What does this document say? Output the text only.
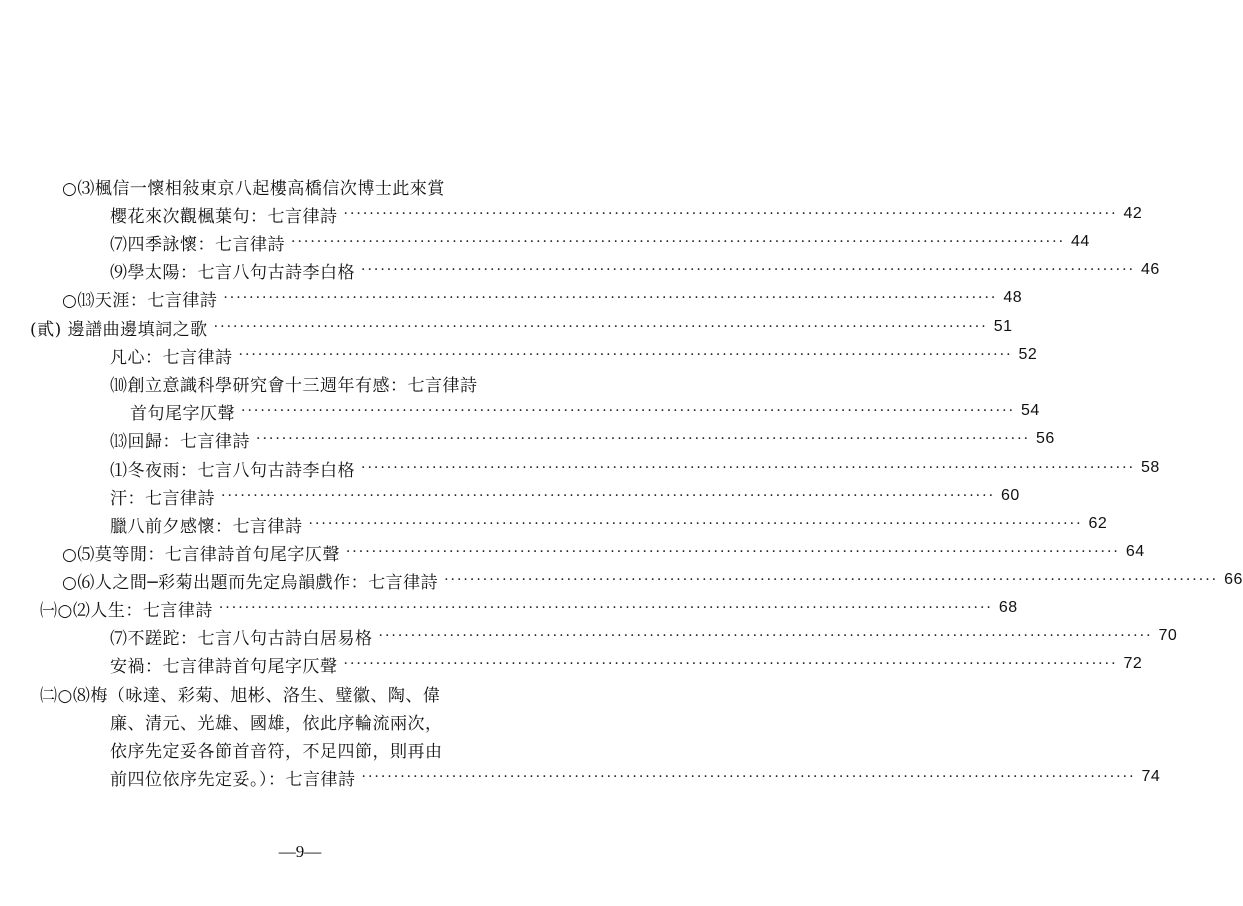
○⑶楓信一懷相敍東京八起樓高橋信次博士此來賞
櫻花來次觀楓葉句：七言律詩 ························································································································ 42
⑺四季詠懷：七言律詩 ························································································································ 44
⑼學太陽：七言八句古詩李白格 ························································································································ 46
○⒀天涯：七言律詩 ························································································································ 48
(貳) 邊譜曲邊填詞之歌 ························································································································ 51
凡心：七言律詩 ························································································································ 52
⑽創立意識科學研究會十三週年有感：七言律詩
首句尾字仄聲 ························································································································ 54
⒀回歸：七言律詩 ························································································································ 56
⑴冬夜雨：七言八句古詩李白格 ························································································································ 58
汗：七言律詩 ························································································································ 60
臘八前夕感懷：七言律詩 ························································································································ 62
○⑸莫等閒：七言律詩首句尾字仄聲 ························································································································ 64
○⑹人之間─彩菊出題而先定烏韻戲作：七言律詩 ························································································································ 66
㈠○⑵人生：七言律詩 ························································································································ 68
⑺不蹉跎：七言八句古詩白居易格 ························································································································ 70
安禍：七言律詩首句尾字仄聲 ························································································································ 72
㈡○⑻梅（咏達、彩菊、旭彬、洛生、璧徽、陶、偉
廉、清元、光雄、國雄，依此序輪流兩次，
依序先定妥各節首音符，不足四節，則再由
前四位依序先定妥。）：七言律詩 ························································································································ 74
—9—
